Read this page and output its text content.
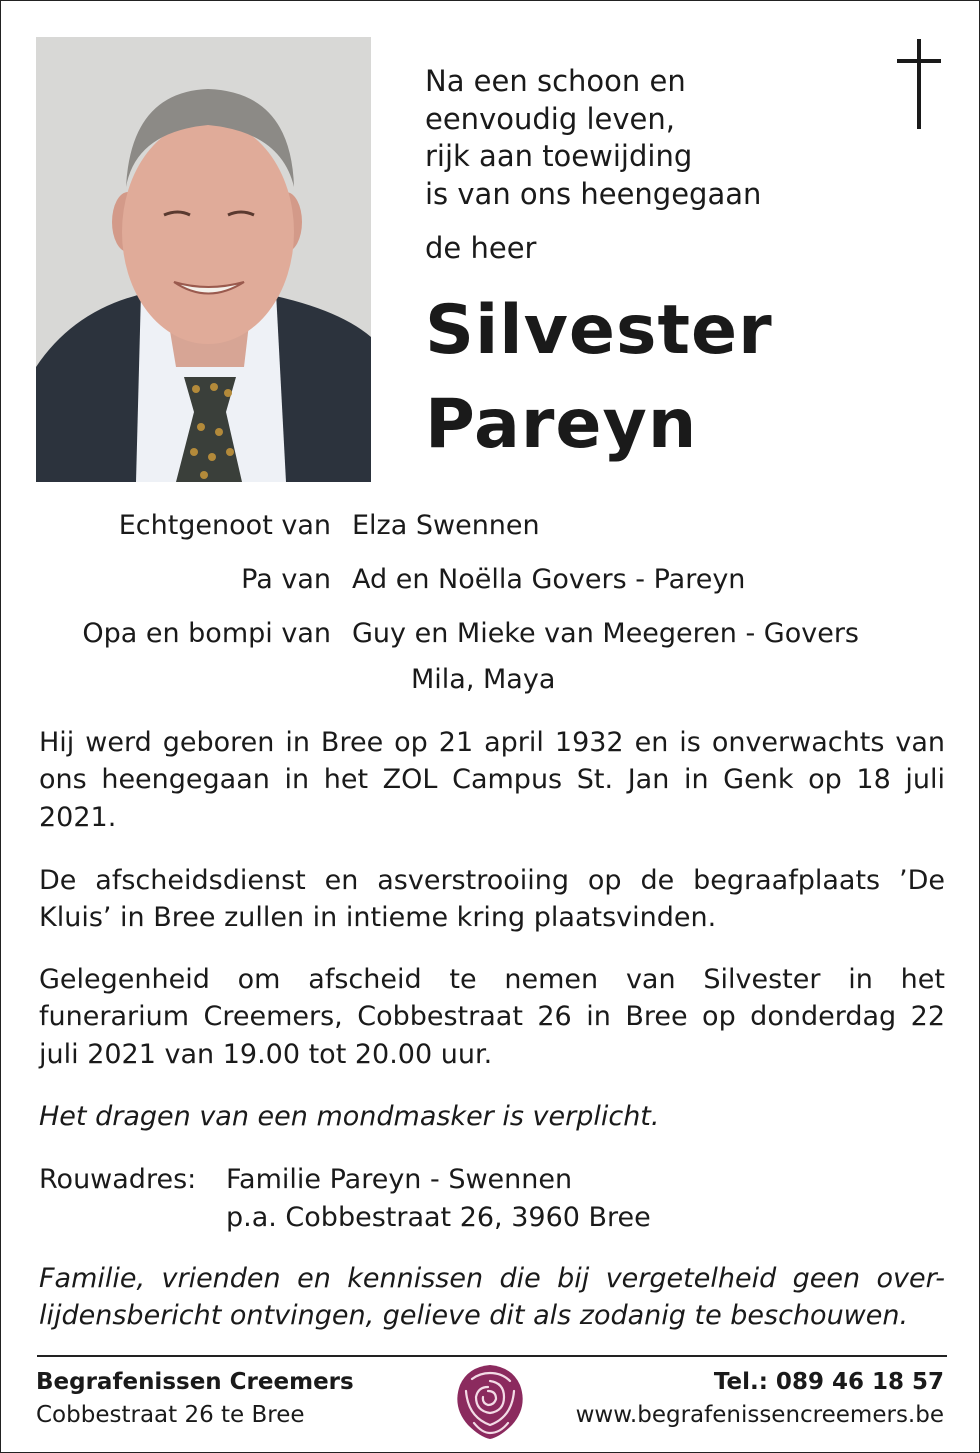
Na een schoon en
eenvoudig leven,
rijk aan toewijding
is van ons heengegaan
de heer
Silvester
Pareyn
Echtgenoot van Elza Swennen
Pa van Ad en Noëlla Govers - Pareyn
Opa en bompi van Guy en Mieke van Meegeren - Govers
Mila, Maya
Hij werd geboren in Bree op 21 april 1932 en is onverwachts van ons heengegaan in het ZOL Campus St. Jan in Genk op 18 juli 2021.
De afscheidsdienst en asverstrooiing op de begraafplaats ’De Kluis’ in Bree zullen in intieme kring plaatsvinden.
Gelegenheid om afscheid te nemen van Silvester in het funerarium Creemers, Cobbestraat 26 in Bree op donderdag 22 juli 2021 van 19.00 tot 20.00 uur.
Het dragen van een mondmasker is verplicht.
Rouwadres: Familie Pareyn - Swennen
p.a. Cobbestraat 26, 3960 Bree
Familie, vrienden en kennissen die bij vergetelheid geen over-lijdensbericht ontvingen, gelieve dit als zodanig te beschouwen.
Begrafenissen Creemers
Cobbestraat 26 te Bree
Tel.: 089 46 18 57
www.begrafenissencreemers.be
